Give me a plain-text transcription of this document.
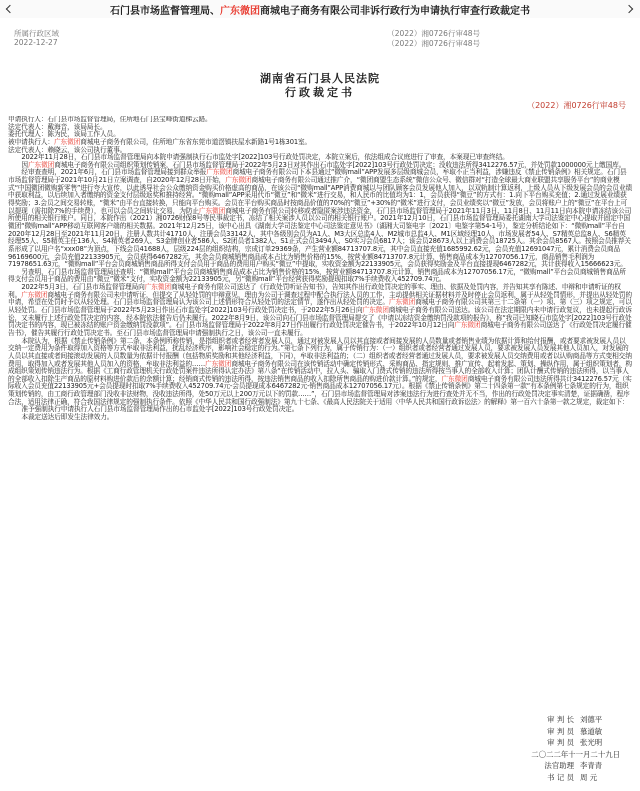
石门县市场监督管理局、广东微团商城电子商务有限公司非诉行政行为申请执行审查行政裁定书
所属行政区域
2022-12-27
（2022）湘0726行审48号
（2022）湘0726行审48号
湖南省石门县人民法院
行政裁定书
（2022）湘0726行审48号

申请执行人：石门县市场监督管理局，住所地石门县宝峰街道梯云路。

法定代表人：戴海音，该局局长。

委托代理人：陈为民，该局工作人员。

被申请执行人：广东微团商城电子商务有限公司，住所地广东省东莞市道滘镇扶屋水新路1号1栋301室。

法定代表人：赖晓云，该公司执行董事。

2022年11月28日，石门县市场监督管理局向本院申请强制执行石市监处字[2022]103号行政处罚决定，本院立案后，依法组成合议庭进行了审查，本案现已审查终结。

因广东微团商城电子商务有限公司组织策划传销案，石门县市场监督管理局于2022年5月23日对其作出石市监处字[2022]103号行政处罚决定：没收违法所得3412276.57元，并处罚款1000000元上缴国库。

经审查查明，2021年6月，石门县市场监督管理局接到群众举报广东微团商城电子商务有限公司下本县通过“微购mall”APP发展多层级商城会员，牟取不正当利益，涉嫌违反《禁止传销条例》相关规定。石门县市场监督管理局于2021年10月21日立案调查，自2020年12月28日开始，广东微团商城电子商务有限公司通过推广介，“微团商盟生态系统”微信公众号、微信群对“打造全球最大商业联盟共享服务平台”的商业模式“中国微团微购新零售”进行夸大宣传，以此诱导社会公众缴纳资金购买价格虚高的商品，在该公司“微购mall”APP消费商城以与团队顾客会员发展他人加入，以双轨制计算返利，上级人员从下级发展会员的会员业绩中获取利益，以后续加入者缴纳的资金支付层级返奖和推持经营。“微购mall”APP采用代币“微豆”和“微米”进行交易，和人民币的比值均为1：1，会员获得“微豆”的方式有：1.向下平台购买充值；2.通过发展业绩获得奖励；3.会员之间交易转账，“微米”由平台直接转换，只能向平台购买。会员在平台购买商品时按商品价值的70%的“微豆”+30%的“微米”进行支付，会员业绩奖以“微豆”发放，会员将账户上的“微豆”在平台上可以提现（需扣除7%的手续费），也可以会员之间转让交易，为防止广东微团商城电子商务有限公司转移或者隐匿案涉违法资金，石门县市场监督管理局于2021年11月3日、11月8日、11月11日向本院申请冻结该公司所使用的相关银行账户。同日，本院作出（2021）湘0726财保8号等民事裁定书，冻结了相关案涉人员以公司的相关银行账户。2021年12月10日，石门县市场监督管理局委托湖南大学司法鉴定中心提取并固定中国微团“微购mall”APP移动互联网客户端的相关数据。2021年12月25日，该中心出具《湖南大学司法鉴定中心司法鉴定意见书》（湖湘大司鉴电字〔2021〕电鉴字第54-1号），鉴定分析结论如下：“微购mall”平台自2020年12月28日至2021年11月20日，注册人数共计41710人，注册会员33142人，其中各级别会员为A1人、M3大区总监4人、M2城市总监4人、M1区域经理10人、市场发展者54人、S7精英总监8人、S6精英经理55人、S5精英主任136人、S4精英者269人、S3金牌创业者586人、S2团员者1382人、S1正式会员3494人、S0实习会员6817人；该会员28673人以上消费会员18725人。其余会员8567人。按照会员推荐关系形成了以用户名“xxx08”为顶点，下线会员41688人，层级224层的组织结构，宗成订单29369条，产生营业额84713707.8元，其中会员直接充值1685992.62元，会员充值12691047元，累计消费会员商品96169600元，会员充值22133905元，会员获得6467282元，其余会员商城销售商品成本占比为销售价格的15%，按营业额84713707.8元计算，销售商品成本为12707056.17元，商品销售毛利润为71978651.63元，“微购mall”平台会员商城销售商品所得支付会员用于商品的费用用户购买“微豆”中提取，实收资金额为22133905元，会员获得奖励金及平台直接提现6467282元，共计获得收入15666623元。

另查明，石门县市场监督管理局还查明：“微购mall”平台会员商城销售商品成本占比为销售价格的15%，按营业额84713707.8元计算，销售商品成本为12707056.17元，“微购mall”平台会员商城销售商品所得支付会员用于商品的费用由“微豆”微米“支付，实收资金额为22133905元，另“微购mall”平台经营获得奖励提现扣取7%手续费收入452709.74元。

2022年5月3日，石门县市场监督管理局向广东微团商城电子商务有限公司送达了《行政处罚听证告知书》，告知其作出行政处罚决定的事实、理由、依据及处罚内容，并告知其享有陈述、申辩和申请听证的权利。广东微团商城电子商务有限公司未申请听证，但提交了从轻处罚的申辩意见，理由为公司于调查过程中配合执行法人员的工作，主动提供相关证据材料并及时停止会员返利，属于从轻处罚情形，并提出从轻处罚的申请，希望在处罚时予以从轻处理。石门县市场监督管理局认为该公司上述情形符合从轻处罚的法定情节，遂作出从轻处罚的决定。广东微团商城电子商务有限公司其第三十二条第（一）项、第（三）项之规定，可以从轻处罚。石门县市场监督管理局于2022年5月23日作出石市监处字[2022]103号行政处罚决定书，于2022年5月26日向广东微团商城电子商务有限公司送达。该公司在法定期限内未申请行政复议，也未提起行政诉讼，又未履行上述行政处罚决定的内容，经本院依法催告后仍未履行。2022年8月9日，该公司向石门县市场监督管理局提交了《申请以冻结资金缴纳罚没款项的报告》，称“我司已知晓石市监处字[2022]103号行政处罚决定书的内容，现已被冻结的账户资金缴纳罚没款项”。石门县市场监督管理局于2022年8月27日作出履行行政处罚决定催告书，于2022年10月12日向广东微团商城电子商务有限公司送达了《行政处罚决定履行催告书》，催告其履行行政处罚决定书。至石门县市场监督管理局申请强制执行之日，该公司一直未履行。

本院认为，根据《禁止传销条例》第二条，本条例所称传销，是指组织者或者经营者发展人员，通过对被发展人员以其直接或者间接发展的人员数量或者销售业绩为依据计算和给付报酬，或者要求被发展人员以交纳一定费用为条件取得加入资格等方式牟取非法利益，扰乱经济秩序，影响社会稳定的行为。”第七条下列行为，属于传销行为：（一）组织者或者经营者通过发展人员，要求被发展人员发展其他人员加入，对发展的人员以其直接或者间接滚动发展的人员数量为依据计付报酬（包括物质奖励和其他经济利益，下同），牟取非法利益的；（二）组织者或者经营者通过发展人员，要求被发展人员交纳费用或者以认购商品等方式变相交纳费用，取得加入或者发展其他人员加入的资格，牟取非法利益的……广东微团商城电子商务有限公司在该传销活动中确定传销形式、采购商品、指定规则、推广宣传、起着发起、策划、操纵作用，属于组织策划者，构成组织策划传销违法行为。根据《工商行政管理机关行政处罚案件违法所得认定办法》第八条“在传销活动中，拉人头、骗取入门费式传销的违法所得按当事人的全部收入计算；团队计酬式传销的违法所得，以当事人的全部收入扣除生产商品的原材料购进价款后的余额计算；经销商式传销的违法所得，按违法销售商品的收入扣除所售商品的购进价款计算。”的规定，广东微团商城电子商务有限公司违法所得共计3412276.57元（实际收入会员充值22133905元+会员提现时扣取7%手续费收入452709.74元-会员提现成本6467282元-销售商品成本12707056.17元）。根据《禁止传销条例》第二十四条第一款“有本条例第七条规定的行为，组织策划传销的，由工商行政管理部门没收非法财物，没收违法所得，处50万元以上200万元以下的罚款……”，石门县市场监督管理局对涉案违法行为进行查处并无不当，作出的行政处罚决定事实清楚，证据确凿，程序合法，适用法律正确，符合我国法律规定的强制执行条件。依照《中华人民共和国行政强制法》第九十七条、《最高人民法院关于适用〈中华人民共和国行政诉讼法〉的解释》第一百六十条第一款之规定，裁定如下：

准予强制执行申请执行人石门县市场监督管理局作出的石市监处字[2022]103号行政处罚决定。

本裁定送达后即发生法律效力。

审 判 长 刘德平
审 判 员 慕道敏
审 判 员 张光明
二〇二二年十一月二十九日
法官助理 李青青
书 记 员 周 元
